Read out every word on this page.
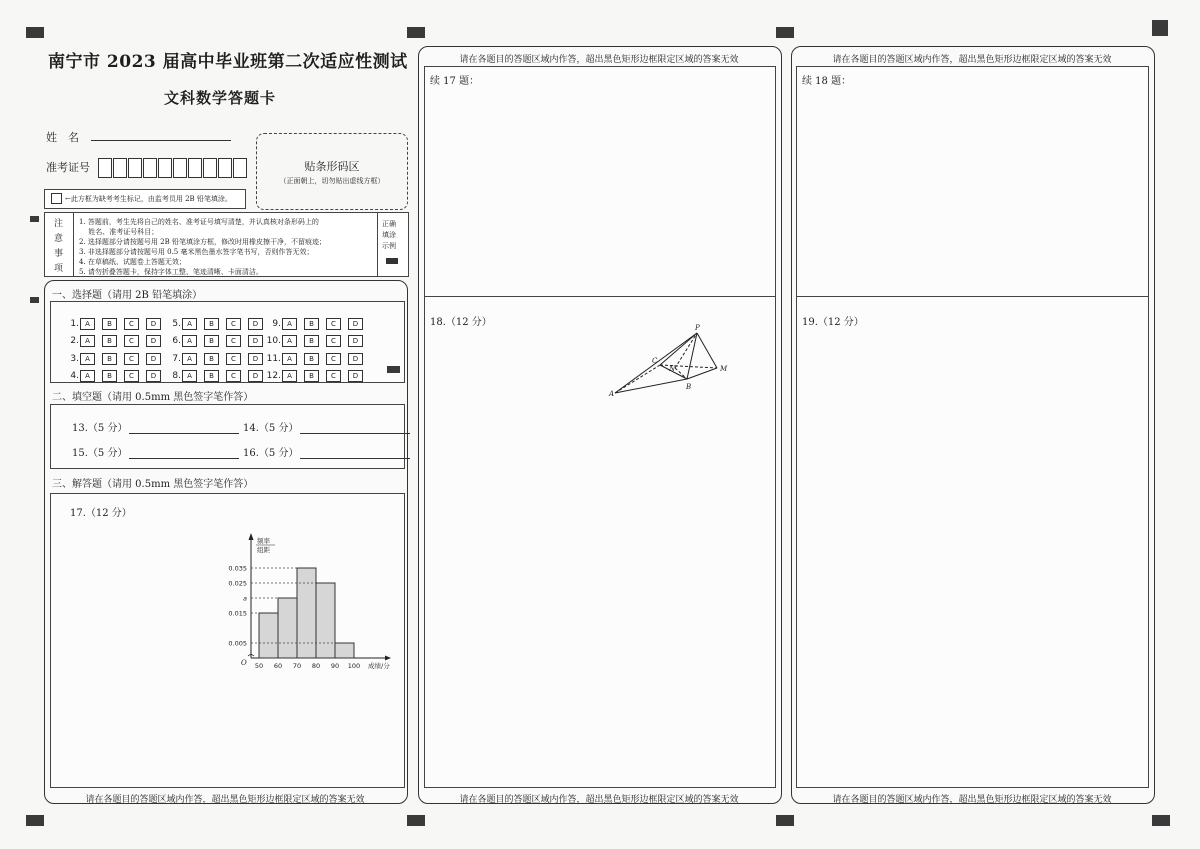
南宁市 2023 届高中毕业班第二次适应性测试
文科数学答题卡
姓　名
准考证号
←此方框为缺考考生标记，由监考员用 2B 铅笔填涂。
贴条形码区
（正面朝上，切勿贴出虚线方框）
注
意
事
项
1. 答题前，考生先将自己的姓名、准考证号填写清楚，并认真核对条形码上的
　 姓名、准考证号科目；
2. 选择题部分请按题号用 2B 铅笔填涂方框，修改时用橡皮擦干净，不留痕迹；
3. 非选择题部分请按题号用 0.5 毫米黑色墨水签字笔书写，否则作答无效；
4. 在草稿纸、试题卷上答题无效；
5. 请勿折叠答题卡，保持字体工整、笔迹清晰、卡面清洁。
正确
填涂
示例
一、选择题（请用 2B 铅笔填涂）
1. A B C D
2. A B C D
3. A B C D
4. A B C D
5. A B C D
6. A B C D
7. A B C D
8. A B C D
9. A B C D
10. A B C D
11. A B C D
12. A B C D
二、填空题（请用 0.5mm 黑色签字笔作答）
13.（5 分）	14.（5 分）
15.（5 分）	16.（5 分）
三、解答题（请用 0.5mm 黑色签字笔作答）
17.（12 分）
0.005
0.015
a
0.025
0.035
50 60 70 80 90 100
O	成绩/分
频率
组距
请在各题目的答题区域内作答，超出黑色矩形边框限定区域的答案无效
请在各题目的答题区域内作答，超出黑色矩形边框限定区域的答案无效
续 17 题：
18.（12 分）	P
C
N	M
A
B
请在各题目的答题区域内作答，超出黑色矩形边框限定区域的答案无效
请在各题目的答题区域内作答，超出黑色矩形边框限定区域的答案无效
续 18 题：
19.（12 分）
请在各题目的答题区域内作答，超出黑色矩形边框限定区域的答案无效
